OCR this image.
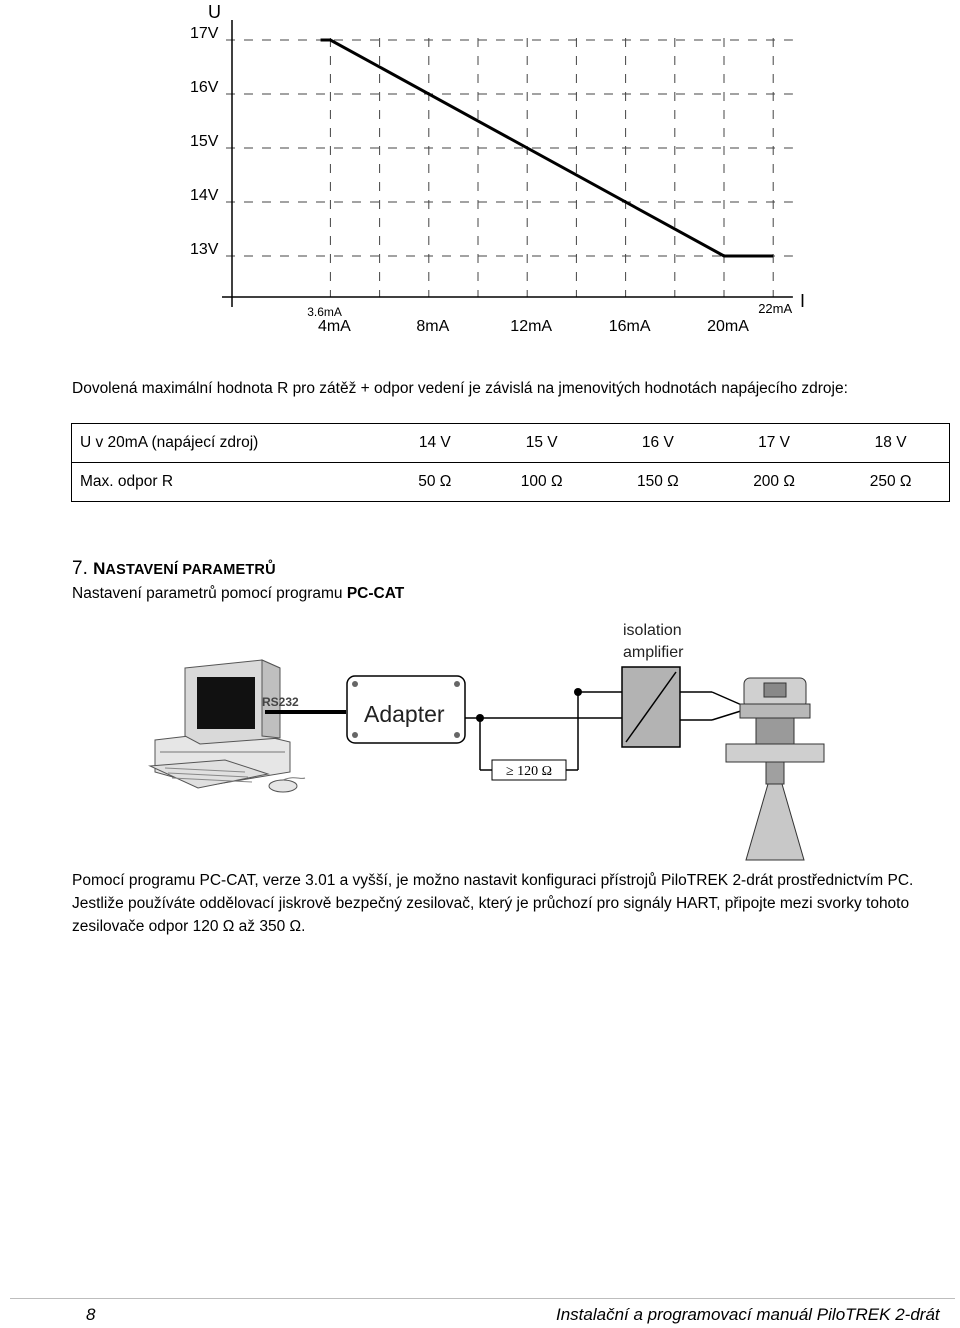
U
I
17V
16V
15V
14V
13V
4mA	8mA	12mA	16mA	20mA
3.6mA	22mA
Dovolená maximální hodnota R pro zátěž + odpor vedení je závislá na jmenovitých hodnotách napájecího zdroje:
U v 20mA (napájecí zdroj)	14 V	15 V	16 V	17 V	18 V
Max. odpor R	50 Ω	100 Ω	150 Ω	200 Ω	250 Ω
7. NASTAVENÍ PARAMETRŮ
Nastavení parametrů pomocí programu PC-CAT
RS232	Adapter
≥ 120 Ω
isolation
amplifier
Pomocí programu PC-CAT, verze 3.01 a vyšší, je možno nastavit konfiguraci přístrojů PiloTREK 2-drát prostřednictvím PC. Jestliže používáte oddělovací jiskrově bezpečný zesilovač, který je průchozí pro signály HART, připojte mezi svorky tohoto zesilovače odpor 120 Ω až 350 Ω.
8	Instalační a programovací manuál PiloTREK 2-drát
